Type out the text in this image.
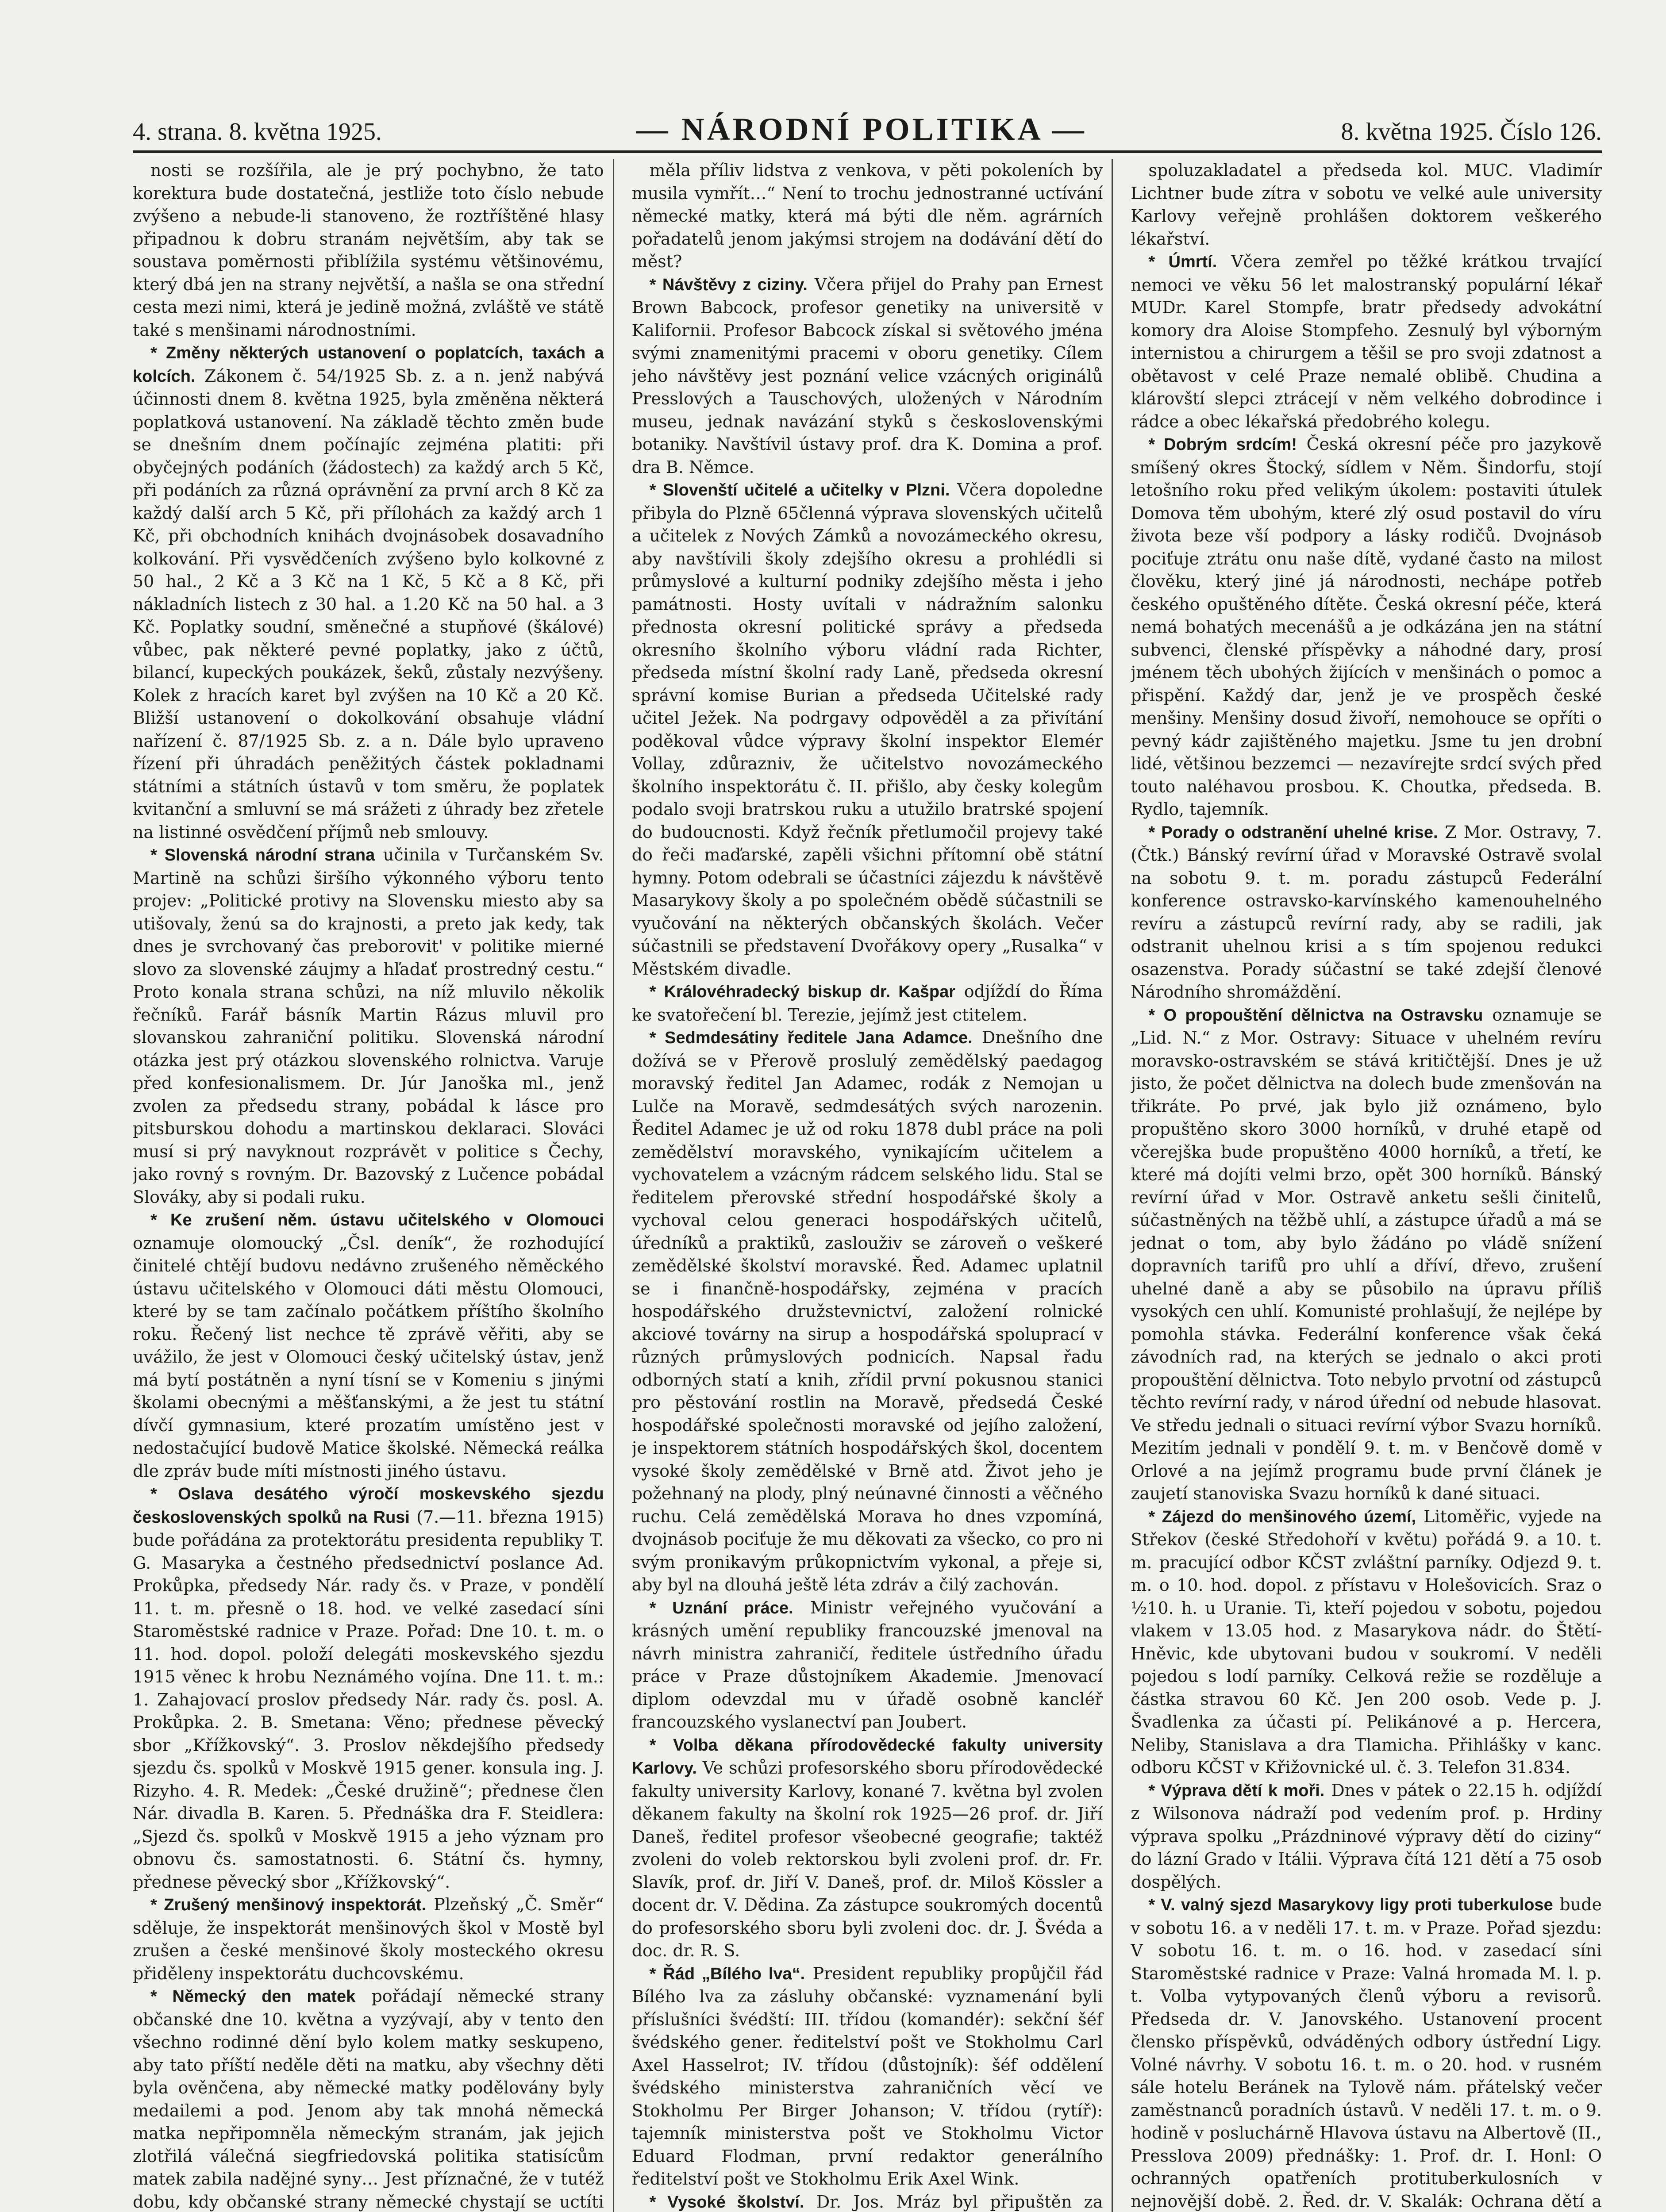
4. strana. 8. května 1925.	— NÁRODNÍ POLITIKA —	8. května 1925. Číslo 126.

nosti se rozšířila, ale je prý pochybno, že tato korektura bude dostatečná, jestliže toto číslo nebude zvýšeno a nebude-li stanoveno, že roztříštěné hlasy připadnou k dobru stranám největším, aby tak se soustava poměrnosti přiblížila systému většinovému, který dbá jen na strany největší, a našla se ona střední cesta mezi nimi, která je jedině možná, zvláště ve státě také s menšinami národnostními.

* Změny některých ustanovení o poplatcích, taxách a kolcích. Zákonem č. 54/1925 Sb. z. a n. jenž nabývá účinnosti dnem 8. května 1925, byla změněna některá poplatková ustanovení. Na základě těchto změn bude se dnešním dnem počínajíc zejména platiti: při obyčejných podáních (žádostech) za každý arch 5 Kč, při podáních za různá oprávnění za první arch 8 Kč za každý další arch 5 Kč, při přílohách za každý arch 1 Kč, při obchodních knihách dvojnásobek dosavadního kolkování. Při vysvědčeních zvýšeno bylo kolkovné z 50 hal., 2 Kč a 3 Kč na 1 Kč, 5 Kč a 8 Kč, při nákladních listech z 30 hal. a 1.20 Kč na 50 hal. a 3 Kč. Poplatky soudní, směnečné a stupňové (škálové) vůbec, pak některé pevné poplatky, jako z účtů, bilancí, kupeckých poukázek, šeků, zůstaly nezvýšeny. Kolek z hracích karet byl zvýšen na 10 Kč a 20 Kč. Bližší ustanovení o dokolkování obsahuje vládní nařízení č. 87/1925 Sb. z. a n. Dále bylo upraveno řízení při úhradách peněžitých částek pokladnami státními a státních ústavů v tom směru, že poplatek kvitanční a smluvní se má srážeti z úhrady bez zřetele na listinné osvědčení příjmů neb smlouvy.

* Slovenská národní strana učinila v Turčanském Sv. Martině na schůzi širšího výkonného výboru tento projev: „Politické protivy na Slovensku miesto aby sa utišovaly, ženú sa do krajnosti, a preto jak kedy, tak dnes je svrchovaný čas preborovit' v politike mierné slovo za slovenské záujmy a hľadať prostredný cestu.“ Proto konala strana schůzi, na níž mluvilo několik řečníků. Farář básník Martin Rázus mluvil pro slovanskou zahraniční politiku. Slovenská národní otázka jest prý otázkou slovenského rolnictva. Varuje před konfesionalismem. Dr. Júr Janoška ml., jenž zvolen za předsedu strany, pobádal k lásce pro pitsburskou dohodu a martinskou deklaraci. Slováci musí si prý navyknout rozprávět v politice s Čechy, jako rovný s rovným. Dr. Bazovský z Lučence pobádal Slováky, aby si podali ruku.

* Ke zrušení něm. ústavu učitelského v Olomouci oznamuje olomoucký „Čsl. deník“, že rozhodující činitelé chtějí budovu nedávno zrušeného něměckého ústavu učitelského v Olomouci dáti městu Olomouci, které by se tam začínalo počátkem příštího školního roku. Řečený list nechce tě zprávě věřiti, aby se uvážilo, že jest v Olomouci český učitelský ústav, jenž má bytí postátněn a nyní tísní se v Komeniu s jinými školami obecnými a měšťanskými, a že jest tu státní dívčí gymnasium, které prozatím umístěno jest v nedostačující budově Matice školské. Německá reálka dle zpráv bude míti místnosti jiného ústavu.

* Oslava desátého výročí moskevského sjezdu československých spolků na Rusi (7.—11. března 1915) bude pořádána za protektorátu presidenta republiky T. G. Masaryka a čestného předsednictví poslance Ad. Prokůpka, předsedy Nár. rady čs. v Praze, v pondělí 11. t. m. přesně o 18. hod. ve velké zasedací síni Staroměstské radnice v Praze. Pořad: Dne 10. t. m. o 11. hod. dopol. položí delegáti moskevského sjezdu 1915 věnec k hrobu Neznámého vojína. Dne 11. t. m.: 1. Zahajovací proslov předsedy Nár. rady čs. posl. A. Prokůpka. 2. B. Smetana: Věno; přednese pěvecký sbor „Křížkovský“. 3. Proslov někdejšího předsedy sjezdu čs. spolků v Moskvě 1915 gener. konsula ing. J. Rizyho. 4. R. Medek: „České družině“; přednese člen Nár. divadla B. Karen. 5. Přednáška dra F. Steidlera: „Sjezd čs. spolků v Moskvě 1915 a jeho význam pro obnovu čs. samostatnosti. 6. Státní čs. hymny, přednese pěvecký sbor „Křížkovský“.

* Zrušený menšinový inspektorát. Plzeňský „Č. Směr“ sděluje, že inspektorát menšinových škol v Mostě byl zrušen a české menšinové školy mosteckého okresu přiděleny inspektorátu duchcovskému.

* Německý den matek pořádají německé strany občanské dne 10. května a vyzývají, aby v tento den všechno rodinné dění bylo kolem matky seskupeno, aby tato příští neděle děti na matku, aby všechny děti byla ověnčena, aby německé matky podělovány byly medailemi a pod. Jenom aby tak mnohá německá matka nepřipomněla německým stranám, jak jejich zlotřilá válečná siegfriedovská politika statisícům matek zabila nadějné syny… Jest příznačné, že v tutéž dobu, kdy občanské strany německé chystají se uctíti

měla příliv lidstva z venkova, v pěti pokoleních by musila vymřít…“ Není to trochu jednostranné uctívání německé matky, která má býti dle něm. agrárních pořadatelů jenom jakýmsi strojem na dodávání dětí do měst?

* Návštěvy z ciziny. Včera přijel do Prahy pan Ernest Brown Babcock, profesor genetiky na universitě v Kalifornii. Profesor Babcock získal si světového jména svými znamenitými pracemi v oboru genetiky. Cílem jeho návštěvy jest poznání velice vzácných originálů Presslových a Tauschových, uložených v Národním museu, jednak navázání styků s československými botaniky. Navštívil ústavy prof. dra K. Domina a prof. dra B. Němce.

* Slovenští učitelé a učitelky v Plzni. Včera dopoledne přibyla do Plzně 65členná výprava slovenských učitelů a učitelek z Nových Zámků a novozámeckého okresu, aby navštívili školy zdejšího okresu a prohlédli si průmyslové a kulturní podniky zdejšího města i jeho památnosti. Hosty uvítali v nádražním salonku přednosta okresní politické správy a předseda okresního školního výboru vládní rada Richter, předseda místní školní rady Laně, předseda okresní správní komise Burian a předseda Učitelské rady učitel Ježek. Na podrgavy odpověděl a za přivítání poděkoval vůdce výpravy školní inspektor Elemér Vollay, zdůrazniv, že učitelstvo novozámeckého školního inspektorátu č. II. přišlo, aby česky kolegům podalo svoji bratrskou ruku a utužilo bratrské spojení do budoucnosti. Když řečník přetlumočil projevy také do řeči maďarské, zapěli všichni přítomní obě státní hymny. Potom odebrali se účastníci zájezdu k návštěvě Masarykovy školy a po společném obědě súčastnili se vyučování na některých občanských školách. Večer súčastnili se představení Dvořákovy opery „Rusalka“ v Městském divadle.

* Královéhradecký biskup dr. Kašpar odjíždí do Říma ke svatořečení bl. Terezie, jejímž jest ctitelem.

* Sedmdesátiny ředitele Jana Adamce. Dnešního dne dožívá se v Přerově proslulý zemědělský paedagog moravský ředitel Jan Adamec, rodák z Nemojan u Lulče na Moravě, sedmdesátých svých narozenin. Ředitel Adamec je už od roku 1878 dubl práce na poli zemědělství moravského, vynikajícím učitelem a vychovatelem a vzácným rádcem selského lidu. Stal se ředitelem přerovské střední hospodářské školy a vychoval celou generaci hospodářských učitelů, úředníků a praktiků, zaslouživ se zároveň o veškeré zemědělské školství moravské. Řed. Adamec uplatnil se i finančně-hospodářsky, zejména v pracích hospodářského družstevnictví, založení rolnické akciové továrny na sirup a hospodářská spoluprací v různých průmyslových podnicích. Napsal řadu odborných statí a knih, zřídil první pokusnou stanici pro pěstování rostlin na Moravě, předsedá České hospodářské společnosti moravské od jejího založení, je inspektorem státních hospodářských škol, docentem vysoké školy zemědělské v Brně atd. Život jeho je požehnaný na plody, plný neúnavné činnosti a věčného ruchu. Celá zemědělská Morava ho dnes vzpomíná, dvojnásob pociťuje že mu děkovati za všecko, co pro ni svým pronikavým průkopnictvím vykonal, a přeje si, aby byl na dlouhá ještě léta zdráv a čilý zachován.

* Uznání práce. Ministr veřejného vyučování a krásných umění republiky francouzské jmenoval na návrh ministra zahraničí, ředitele ústředního úřadu práce v Praze důstojníkem Akademie. Jmenovací diplom odevzdal mu v úřadě osobně kancléř francouzského vyslanectví pan Joubert.

* Volba děkana přírodovědecké fakulty university Karlovy. Ve schůzi profesorského sboru přírodovědecké fakulty university Karlovy, konané 7. května byl zvolen děkanem fakulty na školní rok 1925—26 prof. dr. Jiří Daneš, ředitel profesor všeobecné geografie; taktéž zvoleni do voleb rektorskou byli zvoleni prof. dr. Fr. Slavík, prof. dr. Jiří V. Daneš, prof. dr. Miloš Kössler a docent dr. V. Dědina. Za zástupce soukromých docentů do profesorského sboru byli zvoleni doc. dr. J. Švéda a doc. dr. R. S.

* Řád „Bílého lva“. President republiky propůjčil řád Bílého lva za zásluhy občanské: vyznamenání byli příslušníci švédští: III. třídou (komandér): sekční šéf švédského gener. ředitelství pošt ve Stokholmu Carl Axel Hasselrot; IV. třídou (důstojník): šéf oddělení švédského ministerstva zahraničních věcí ve Stokholmu Per Birger Johanson; V. třídou (rytíř): tajemník ministerstva pošt ve Stokholmu Victor Eduard Flodman, první redaktor generálního ředitelství pošt ve Stokholmu Erik Axel Wink.

* Vysoké školství. Dr. Jos. Mráz byl připuštěn za

spoluzakladatel a předseda kol. MUC. Vladimír Lichtner bude zítra v sobotu ve velké aule university Karlovy veřejně prohlášen doktorem veškerého lékařství.

* Úmrtí. Včera zemřel po těžké krátkou trvající nemoci ve věku 56 let malostranský populární lékař MUDr. Karel Stompfe, bratr předsedy advokátní komory dra Aloise Stompfeho. Zesnulý byl výborným internistou a chirurgem a těšil se pro svoji zdatnost a obětavost v celé Praze nemalé oblibě. Chudina a klárovští slepci ztrácejí v něm velkého dobrodince i rádce a obec lékařská předobrého kolegu.

* Dobrým srdcím! Česká okresní péče pro jazykově smíšený okres Štocký, sídlem v Něm. Šindorfu, stojí letošního roku před velikým úkolem: postaviti útulek Domova těm ubohým, které zlý osud postavil do víru života beze vší podpory a lásky rodičů. Dvojnásob pociťuje ztrátu onu naše dítě, vydané často na milost člověku, který jiné já národnosti, nechápe potřeb českého opuštěného dítěte. Česká okresní péče, která nemá bohatých mecenášů a je odkázána jen na státní subvenci, členské příspěvky a náhodné dary, prosí jménem těch ubohých žijících v menšinách o pomoc a přispění. Každý dar, jenž je ve prospěch české menšiny. Menšiny dosud živoří, nemohouce se opříti o pevný kádr zajištěného majetku. Jsme tu jen drobní lidé, většinou bezzemci — nezavírejte srdcí svých před touto naléhavou prosbou. K. Choutka, předseda. B. Rydlo, tajemník.

* Porady o odstranění uhelné krise. Z Mor. Ostravy, 7. (Čtk.) Bánský revírní úřad v Moravské Ostravě svolal na sobotu 9. t. m. poradu zástupců Federální konference ostravsko-karvínského kamenouhelného revíru a zástupců revírní rady, aby se radili, jak odstranit uhelnou krisi a s tím spojenou redukci osazenstva. Porady súčastní se také zdejší členové Národního shromáždění.

* O propouštění dělnictva na Ostravsku oznamuje se „Lid. N.“ z Mor. Ostravy: Situace v uhelném revíru moravsko-ostravském se stává kritičtější. Dnes je už jisto, že počet dělnictva na dolech bude zmenšován na třikráte. Po prvé, jak bylo již oznámeno, bylo propuštěno skoro 3000 horníků, v druhé etapě od včerejška bude propuštěno 4000 horníků, a třetí, ke které má dojíti velmi brzo, opět 300 horníků. Bánský revírní úřad v Mor. Ostravě anketu sešli činitelů, súčastněných na těžbě uhlí, a zástupce úřadů a má se jednat o tom, aby bylo žádáno po vládě snížení dopravních tarifů pro uhlí a dříví, dřevo, zrušení uhelné daně a aby se působilo na úpravu příliš vysokých cen uhlí. Komunisté prohlašují, že nejlépe by pomohla stávka. Federální konference však čeká závodních rad, na kterých se jednalo o akci proti propouštění dělnictva. Toto nebylo prvotní od zástupců těchto revírní rady, v národ úřední od nebude hlasovat. Ve středu jednali o situaci revírní výbor Svazu horníků. Mezitím jednali v pondělí 9. t. m. v Benčově domě v Orlové a na jejímž programu bude první článek je zaujetí stanoviska Svazu horníků k dané situaci.

* Zájezd do menšinového území, Litoměřic, vyjede na Střekov (české Středohoří v květu) pořádá 9. a 10. t. m. pracující odbor KČST zvláštní parníky. Odjezd 9. t. m. o 10. hod. dopol. z přístavu v Holešovicích. Sraz o ½10. h. u Uranie. Ti, kteří pojedou v sobotu, pojedou vlakem v 13.05 hod. z Masarykova nádr. do Štětí-Hněvic, kde ubytovani budou v soukromí. V neděli pojedou s lodí parníky. Celková režie se rozděluje a částka stravou 60 Kč. Jen 200 osob. Vede p. J. Švadlenka za účasti pí. Pelikánové a p. Hercera, Neliby, Stanislava a dra Tlamicha. Přihlášky v kanc. odboru KČST v Křižovnické ul. č. 3. Telefon 31.834.

* Výprava dětí k moři. Dnes v pátek o 22.15 h. odjíždí z Wilsonova nádraží pod vedením prof. p. Hrdiny výprava spolku „Prázdninové výpravy dětí do ciziny“ do lázní Grado v Itálii. Výprava čítá 121 dětí a 75 osob dospělých.

* V. valný sjezd Masarykovy ligy proti tuberkulose bude v sobotu 16. a v neděli 17. t. m. v Praze. Pořad sjezdu: V sobotu 16. t. m. o 16. hod. v zasedací síni Staroměstské radnice v Praze: Valná hromada M. l. p. t. Volba vytypovaných členů výboru a revisorů. Předseda dr. V. Janovského. Ustanovení procent člensko příspěvků, odváděných odbory ústřední Ligy. Volné návrhy. V sobotu 16. t. m. o 20. hod. v rusném sále hotelu Beránek na Tylově nám. přátelský večer zaměstnanců poradních ústavů. V neděli 17. t. m. o 9. hodině v posluchárně Hlavova ústavu na Albertově (II., Presslova 2009) přednášky: 1. Prof. dr. I. Honl: O ochranných opatřeních protituberkulosních v nejnovější době. 2. Řed. dr. V. Skalák: Ochrana dětí a
